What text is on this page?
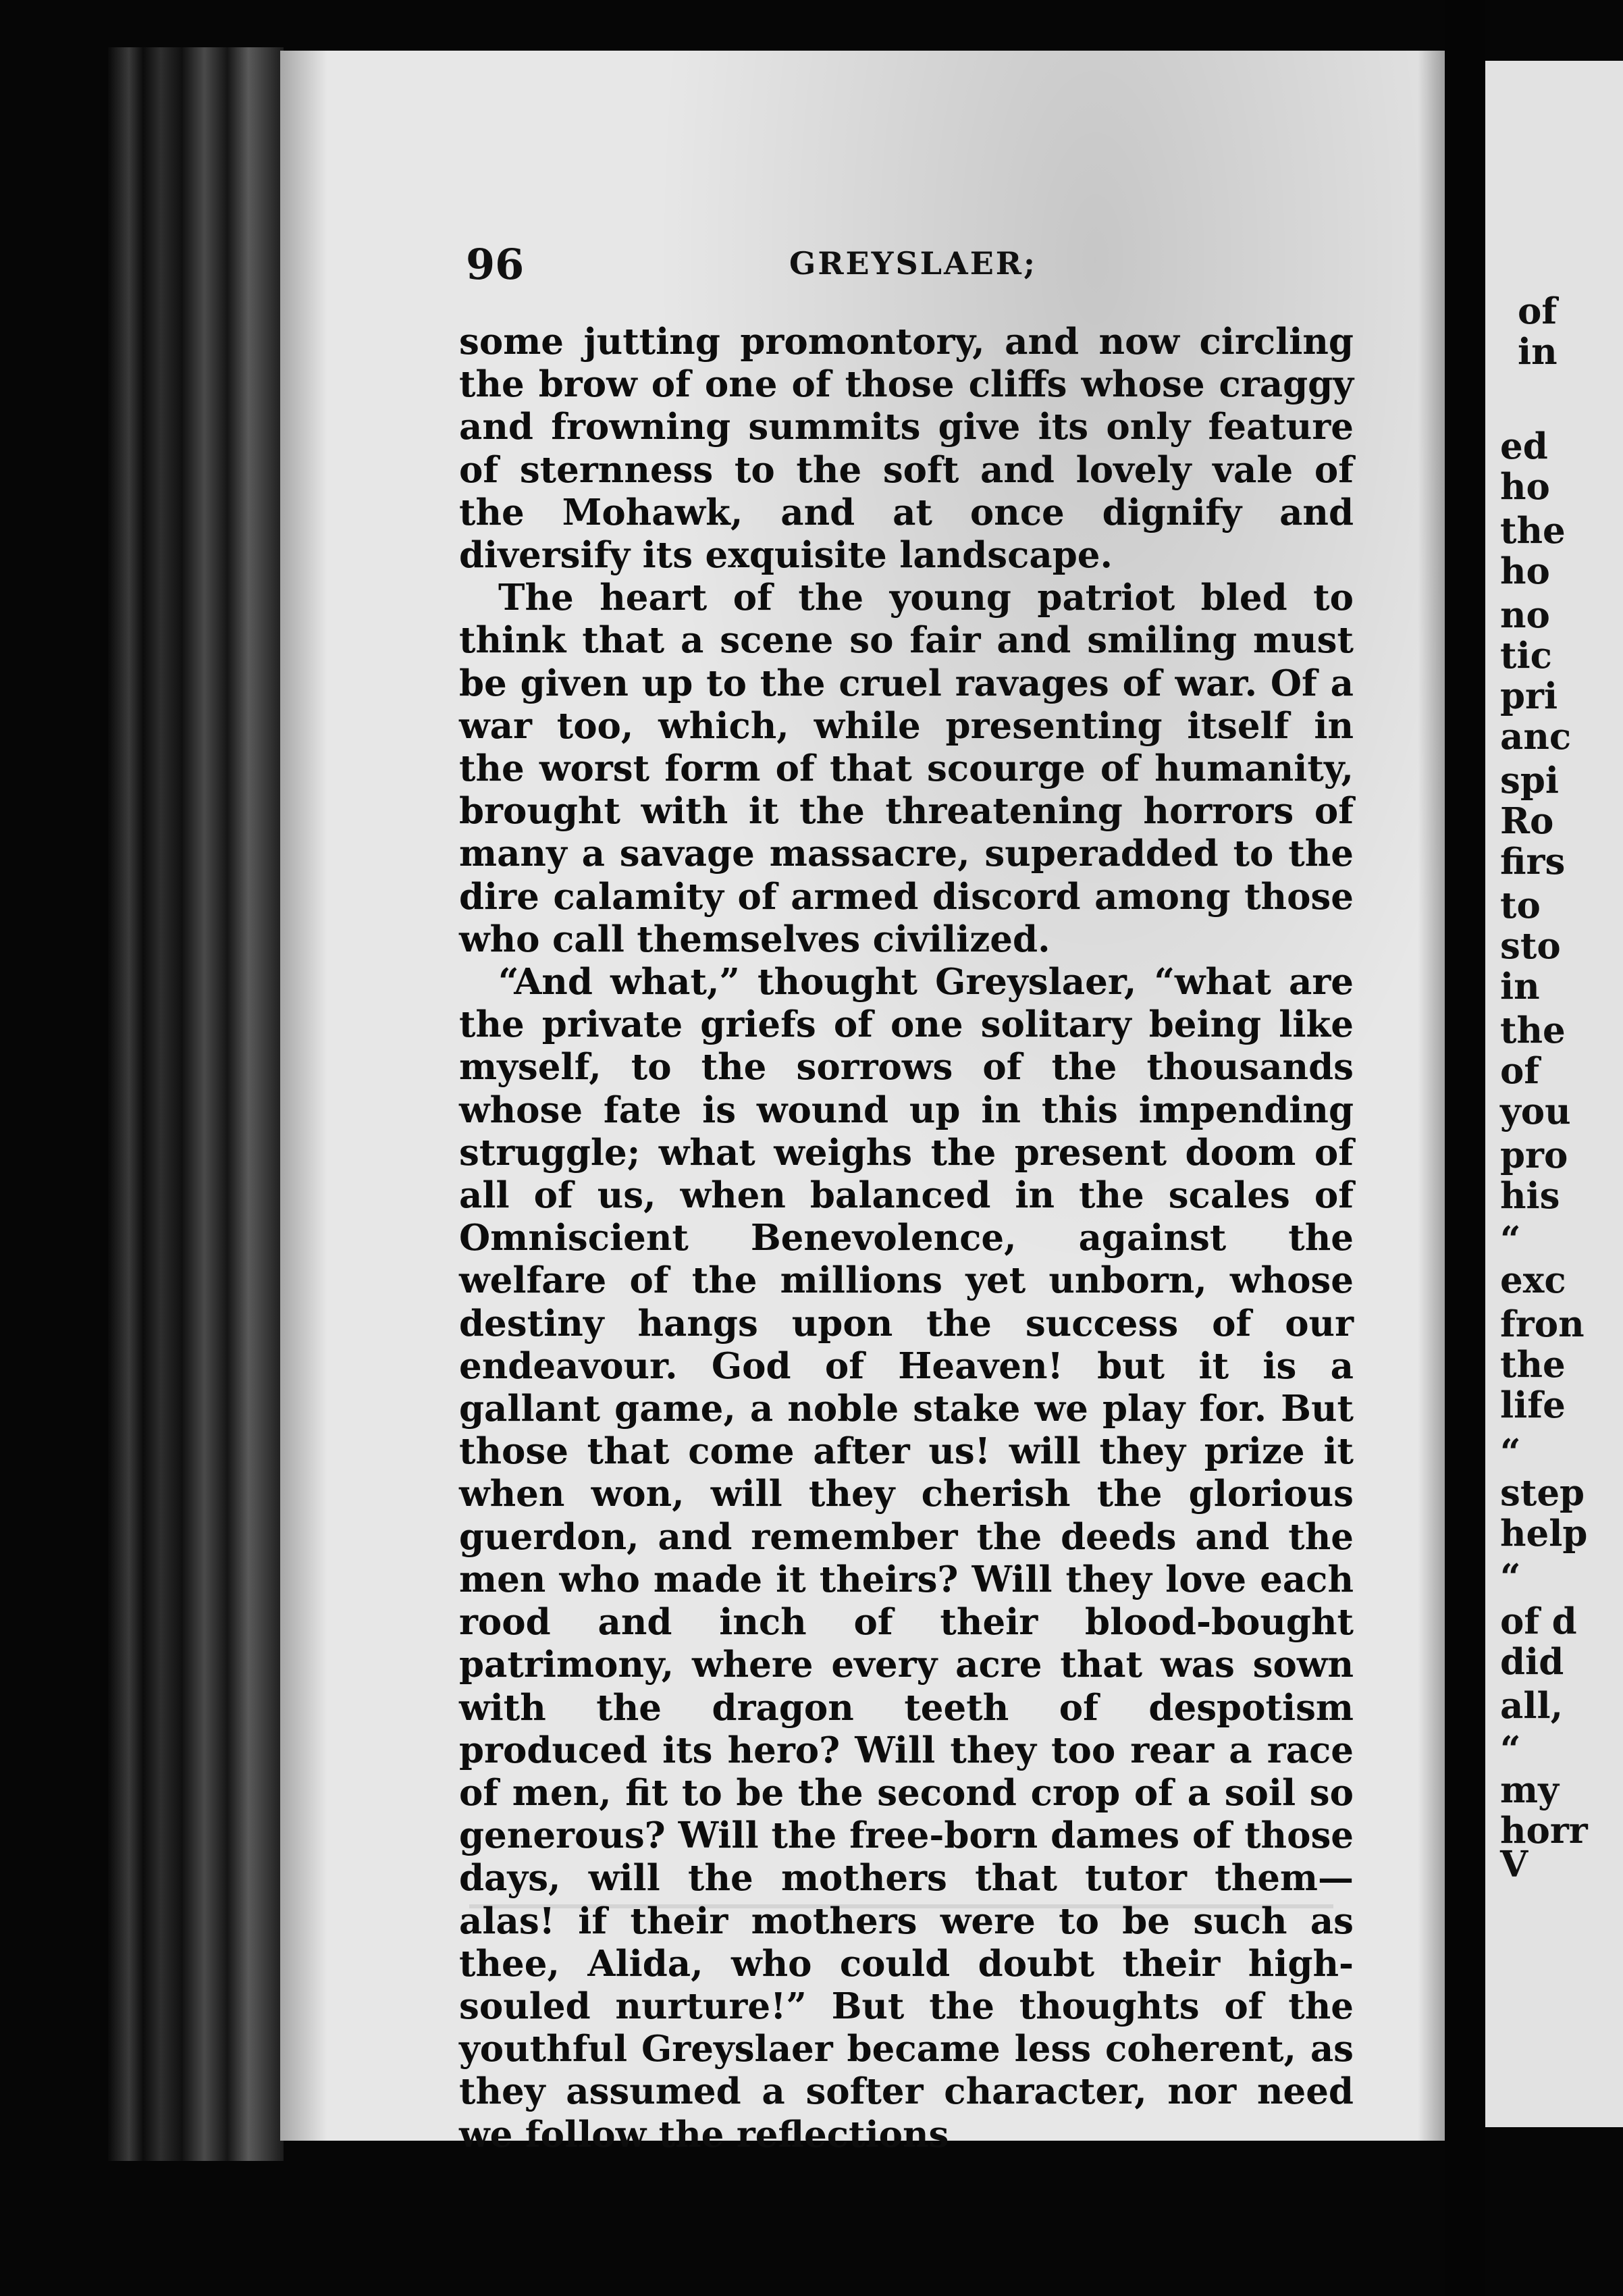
96	GREYSLAER;

some jutting promontory, and now circling the brow of one of those cliffs whose craggy and frowning summits give its only feature of sternness to the soft and lovely vale of the Mohawk, and at once dignify and diversify its exquisite landscape.

The heart of the young patriot bled to think that a scene so fair and smiling must be given up to the cruel ravages of war. Of a war too, which, while presenting itself in the worst form of that scourge of humanity, brought with it the threatening horrors of many a savage massacre, superadded to the dire calamity of armed discord among those who call themselves civilized.

“And what,” thought Greyslaer, “what are the private griefs of one solitary being like myself, to the sorrows of the thousands whose fate is wound up in this impending struggle; what weighs the present doom of all of us, when balanced in the scales of Omniscient Benevolence, against the welfare of the millions yet unborn, whose destiny hangs upon the success of our endeavour. God of Heaven! but it is a gallant game, a noble stake we play for. But those that come after us! will they prize it when won, will they cherish the glorious guerdon, and remember the deeds and the men who made it theirs? Will they love each rood and inch of their blood-bought patrimony, where every acre that was sown with the dragon teeth of despotism produced its hero? Will they too rear a race of men, fit to be the second crop of a soil so generous? Will the free-born dames of those days, will the mothers that tutor them—alas! if their mothers were to be such as thee, Alida, who could doubt their high-souled nurture!” But the thoughts of the youthful Greyslaer became less coherent, as they assumed a softer character, nor need we follow the reflections

of
in
ed
ho
the
ho
no
tic
pri
anc
spi
Ro
firs
to
sto
in
the
of
you
pro
his
“
exc
fron
the
life
“
step
help
“
of d
did
all,
“
my
horr
V
